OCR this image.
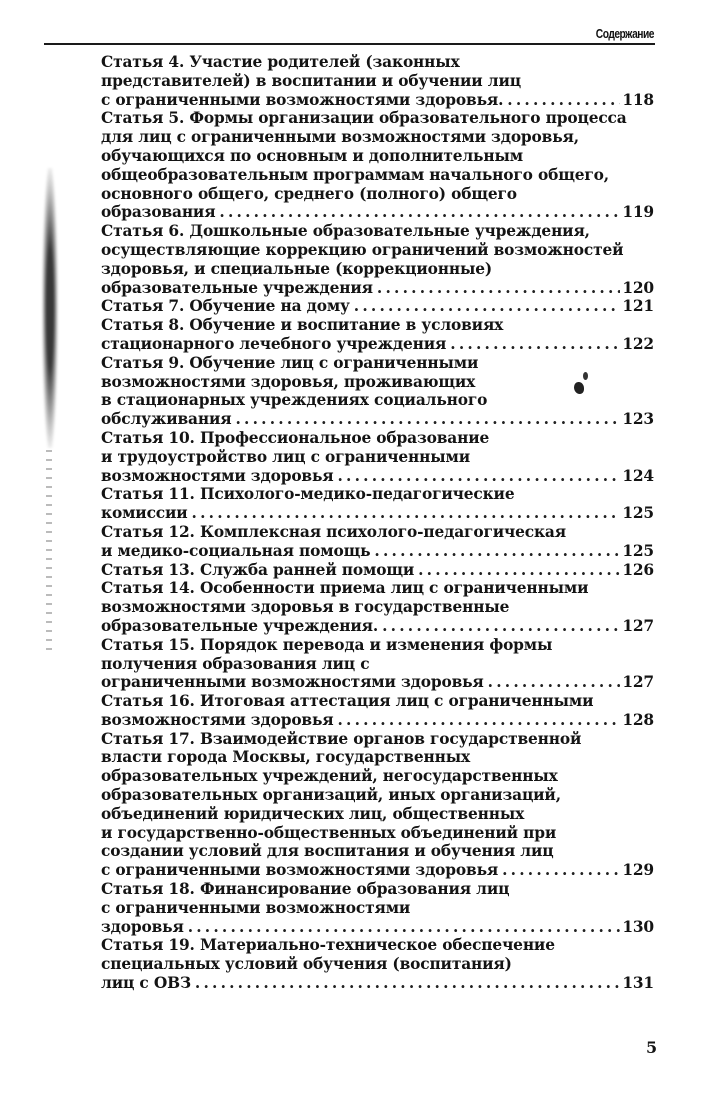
Содержание
Статья 4. Участие родителей (законных
представителей) в воспитании и обучении лиц
с ограниченными возможностями здоровья. .....	118
Статья 5. Формы организации образовательного процесса
для лиц с ограниченными возможностями здоровья,
обучающихся по основным и дополнительным
общеобразовательным программам начального общего,
основного общего, среднего (полного) общего
образования .....	119
Статья 6. Дошкольные образовательные учреждения,
осуществляющие коррекцию ограничений возможностей
здоровья, и специальные (коррекционные)
образовательные учреждения .....	120
Статья 7. Обучение на дому .....	121
Статья 8. Обучение и воспитание в условиях
стационарного лечебного учреждения .....	122
Статья 9. Обучение лиц с ограниченными
возможностями здоровья, проживающих
в стационарных учреждениях социального
обслуживания .....	123
Статья 10. Профессиональное образование
и трудоустройство лиц с ограниченными
возможностями здоровья .....	124
Статья 11. Психолого-медико-педагогические
комиссии .....	125
Статья 12. Комплексная психолого-педагогическая
и медико-социальная помощь .....	125
Статья 13. Служба ранней помощи .....	126
Статья 14. Особенности приема лиц с ограниченными
возможностями здоровья в государственные
образовательные учреждения. .....	127
Статья 15. Порядок перевода и изменения формы
получения образования лиц с
ограниченными возможностями здоровья .....	127
Статья 16. Итоговая аттестация лиц с ограниченными
возможностями здоровья .....	128
Статья 17. Взаимодействие органов государственной
власти города Москвы, государственных
образовательных учреждений, негосударственных
образовательных организаций, иных организаций,
объединений юридических лиц, общественных
и государственно-общественных объединений при
создании условий для воспитания и обучения лиц
с ограниченными возможностями здоровья .....	129
Статья 18. Финансирование образования лиц
с ограниченными возможностями
здоровья .....	130
Статья 19. Материально-техническое обеспечение
специальных условий обучения (воспитания)
лиц с ОВЗ .....	131
5
